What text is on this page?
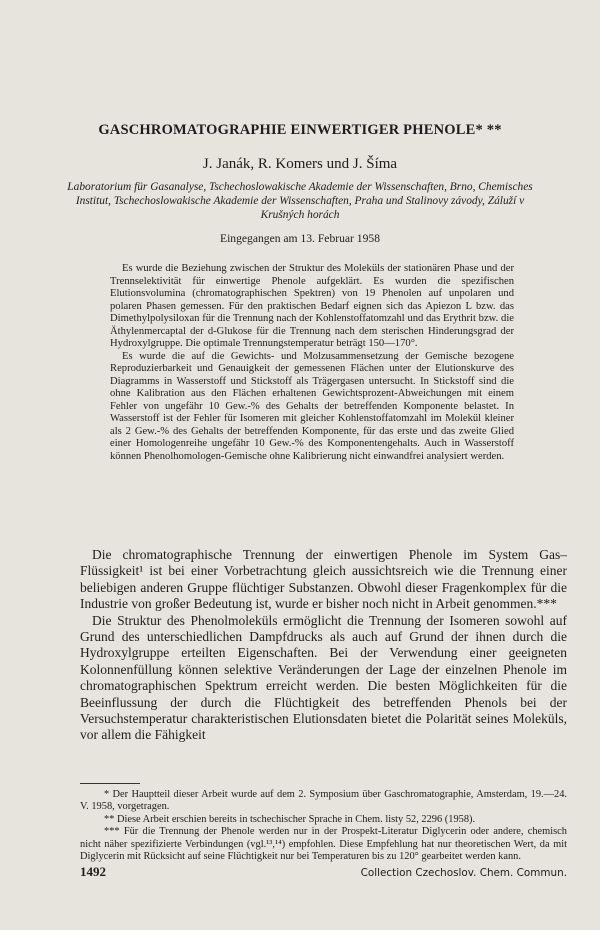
GASCHROMATOGRAPHIE EINWERTIGER PHENOLE* **
J. Janák, R. Komers und J. Šíma
Laboratorium für Gasanalyse, Tschechoslowakische Akademie der Wissenschaften, Brno, Chemisches Institut, Tschechoslowakische Akademie der Wissenschaften, Praha und Stalinovy závody, Záluží v Krušných horách
Eingegangen am 13. Februar 1958

Es wurde die Beziehung zwischen der Struktur des Moleküls der stationären Phase und der Trennselektivität für einwertige Phenole aufgeklärt. Es wurden die spezifischen Elutionsvolumina (chromatographischen Spektren) von 19 Phenolen auf unpolaren und polaren Phasen gemessen. Für den praktischen Bedarf eignen sich das Apiezon L bzw. das Dimethylpolysiloxan für die Trennung nach der Kohlenstoffatomzahl und das Erythrit bzw. die Äthylenmercaptal der d-Glukose für die Trennung nach dem sterischen Hinderungsgrad der Hydroxylgruppe. Die optimale Trennungstemperatur beträgt 150—170°.

Es wurde die auf die Gewichts- und Molzusammensetzung der Gemische bezogene Reproduzierbarkeit und Genauigkeit der gemessenen Flächen unter der Elutionskurve des Diagramms in Wasserstoff und Stickstoff als Trägergasen untersucht. In Stickstoff sind die ohne Kalibration aus den Flächen erhaltenen Gewichtsprozent-Abweichungen mit einem Fehler von ungefähr 10 Gew.-% des Gehalts der betreffenden Komponente belastet. In Wasserstoff ist der Fehler für Isomeren mit gleicher Kohlenstoffatomzahl im Molekül kleiner als 2 Gew.-% des Gehalts der betreffenden Komponente, für das erste und das zweite Glied einer Homologenreihe ungefähr 10 Gew.-% des Komponentengehalts. Auch in Wasserstoff können Phenolhomologen-Gemische ohne Kalibrierung nicht einwandfrei analysiert werden.

Die chromatographische Trennung der einwertigen Phenole im System Gas–Flüssigkeit¹ ist bei einer Vorbetrachtung gleich aussichtsreich wie die Trennung einer beliebigen anderen Gruppe flüchtiger Substanzen. Obwohl dieser Fragenkomplex für die Industrie von großer Bedeutung ist, wurde er bisher noch nicht in Arbeit genommen.***

Die Struktur des Phenolmoleküls ermöglicht die Trennung der Isomeren sowohl auf Grund des unterschiedlichen Dampfdrucks als auch auf Grund der ihnen durch die Hydroxylgruppe erteilten Eigenschaften. Bei der Verwendung einer geeigneten Kolonnenfüllung können selektive Veränderungen der Lage der einzelnen Phenole im chromatographischen Spektrum erreicht werden. Die besten Möglichkeiten für die Beeinflussung der durch die Flüchtigkeit des betreffenden Phenols bei der Versuchstemperatur charakteristischen Elutionsdaten bietet die Polarität seines Moleküls, vor allem die Fähigkeit

* Der Hauptteil dieser Arbeit wurde auf dem 2. Symposium über Gaschromatographie, Amsterdam, 19.—24. V. 1958, vorgetragen.

** Diese Arbeit erschien bereits in tschechischer Sprache in Chem. listy 52, 2296 (1958).

*** Für die Trennung der Phenole werden nur in der Prospekt-Literatur Diglycerin oder andere, chemisch nicht näher spezifizierte Verbindungen (vgl.¹³,¹⁴) empfohlen. Diese Empfehlung hat nur theoretischen Wert, da mit Diglycerin mit Rücksicht auf seine Flüchtigkeit nur bei Temperaturen bis zu 120° gearbeitet werden kann.

1492	Collection Czechoslov. Chem. Commun.
